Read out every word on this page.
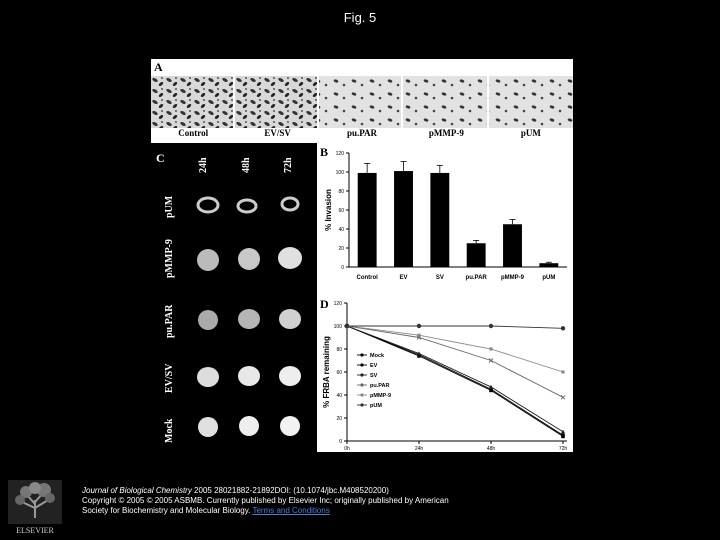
Fig. 5
A
Control	EV/SV	pu.PAR	pMMP-9	pUM
C	24h	48h	72h
pUM
pMMP-9
pu.PAR
EV/SV
Mock
B
0
20
40
60
80
100
120
% Invasion
Control	EV	SV	pu.PAR pMMP-9	pUM
D
0
20
40
60
80
100
120
0h	24h	48h	72h
% FRBA remaining	Mock
EV
SV
pu.PAR
pMMP-9
pUM
ELSEVIER
Journal of Biological Chemistry 2005 28021882-21892DOI: (10.1074/jbc.M408520200)
Copyright © 2005 © 2005 ASBMB. Currently published by Elsevier Inc; originally published by American
Society for Biochemistry and Molecular Biology. Terms and Conditions
